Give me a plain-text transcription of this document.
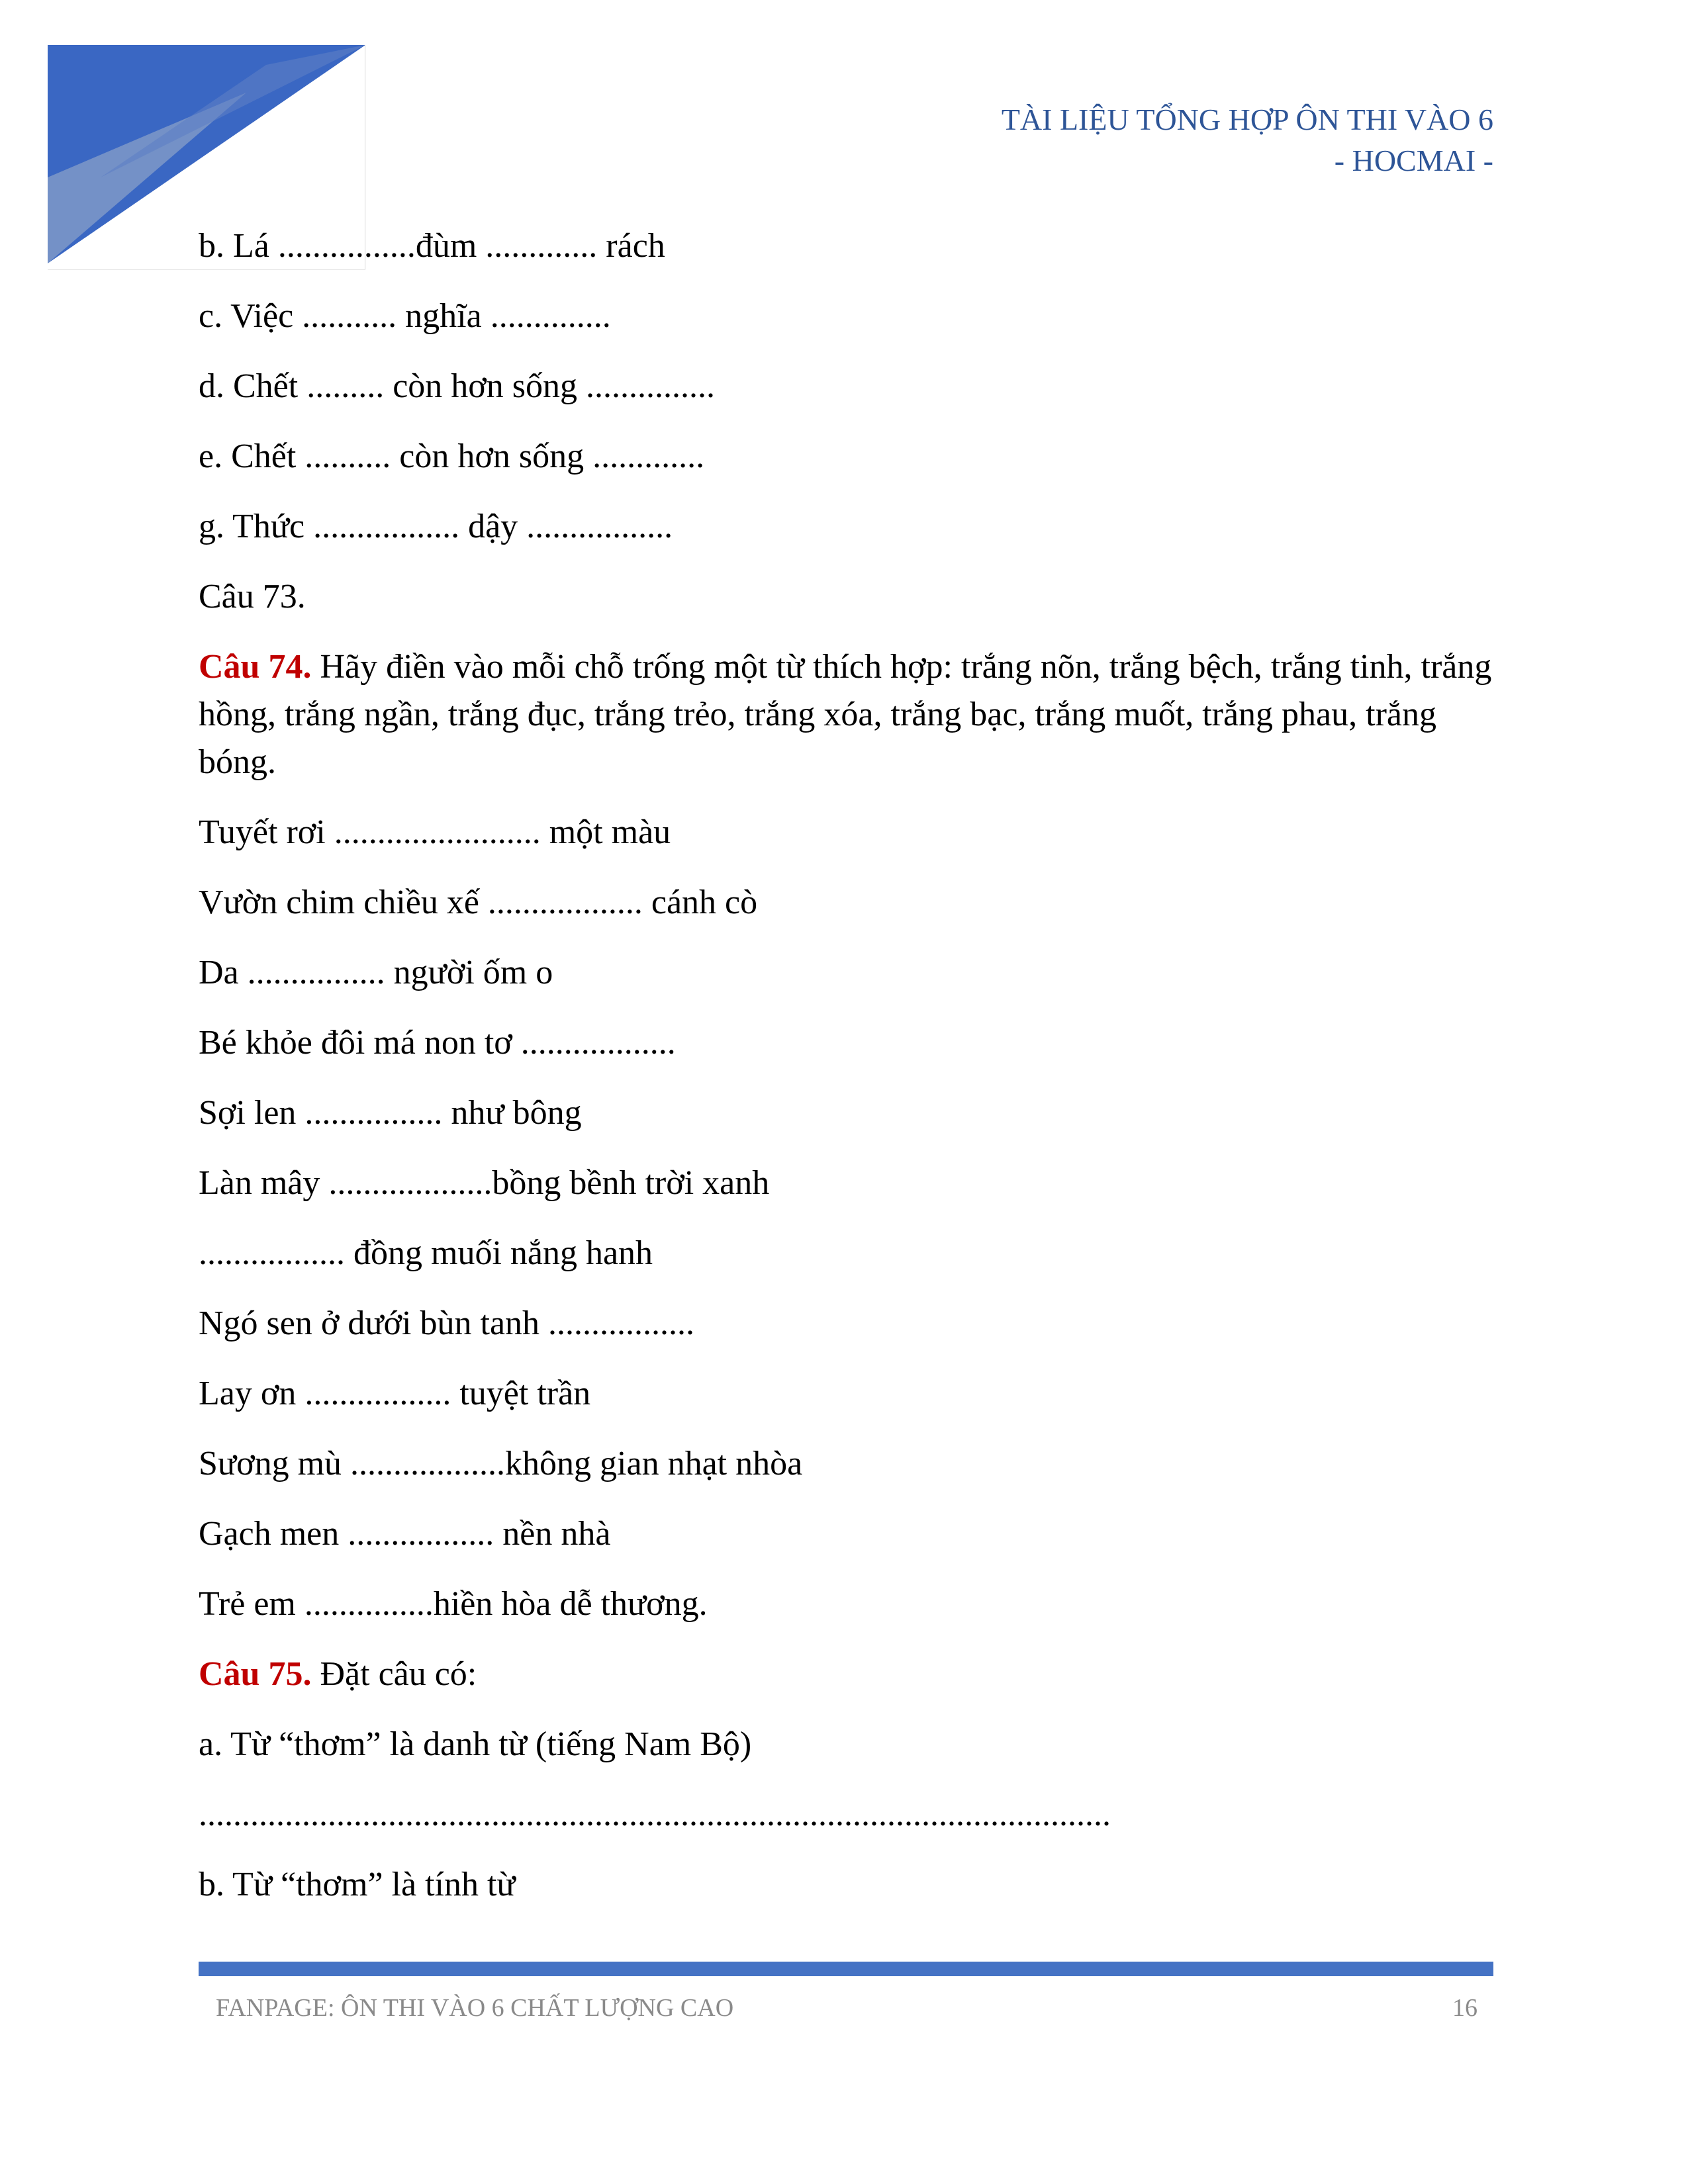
TÀI LIỆU TỔNG HỢP ÔN THI VÀO 6
- HOCMAI -
b. Lá ................đùm ............. rách
c. Việc ........... nghĩa ..............
d. Chết ......... còn hơn sống ...............
e. Chết .......... còn hơn sống .............
g. Thức ................. dậy .................
Câu 73.
Câu 74. Hãy điền vào mỗi chỗ trống một từ thích hợp: trắng nõn, trắng bệch, trắng tinh, trắng hồng, trắng ngần, trắng đục, trắng trẻo, trắng xóa, trắng bạc, trắng muốt, trắng phau, trắng bóng.
Tuyết rơi ........................ một màu
Vườn chim chiều xế .................. cánh cò
Da ................ người ốm o
Bé khỏe đôi má non tơ ..................
Sợi len ................ như bông
Làn mây ...................bồng bềnh trời xanh
................. đồng muối nắng hanh
Ngó sen ở dưới bùn tanh .................
Lay ơn ................. tuyệt trần
Sương mù ..................không gian nhạt nhòa
Gạch men ................. nền nhà
Trẻ em ...............hiền hòa dễ thương.
Câu 75. Đặt câu có:
a. Từ “thơm” là danh từ (tiếng Nam Bộ)
..........................................................................................................
b. Từ “thơm” là tính từ
FANPAGE: ÔN THI VÀO 6 CHẤT LƯỢNG CAO	16
